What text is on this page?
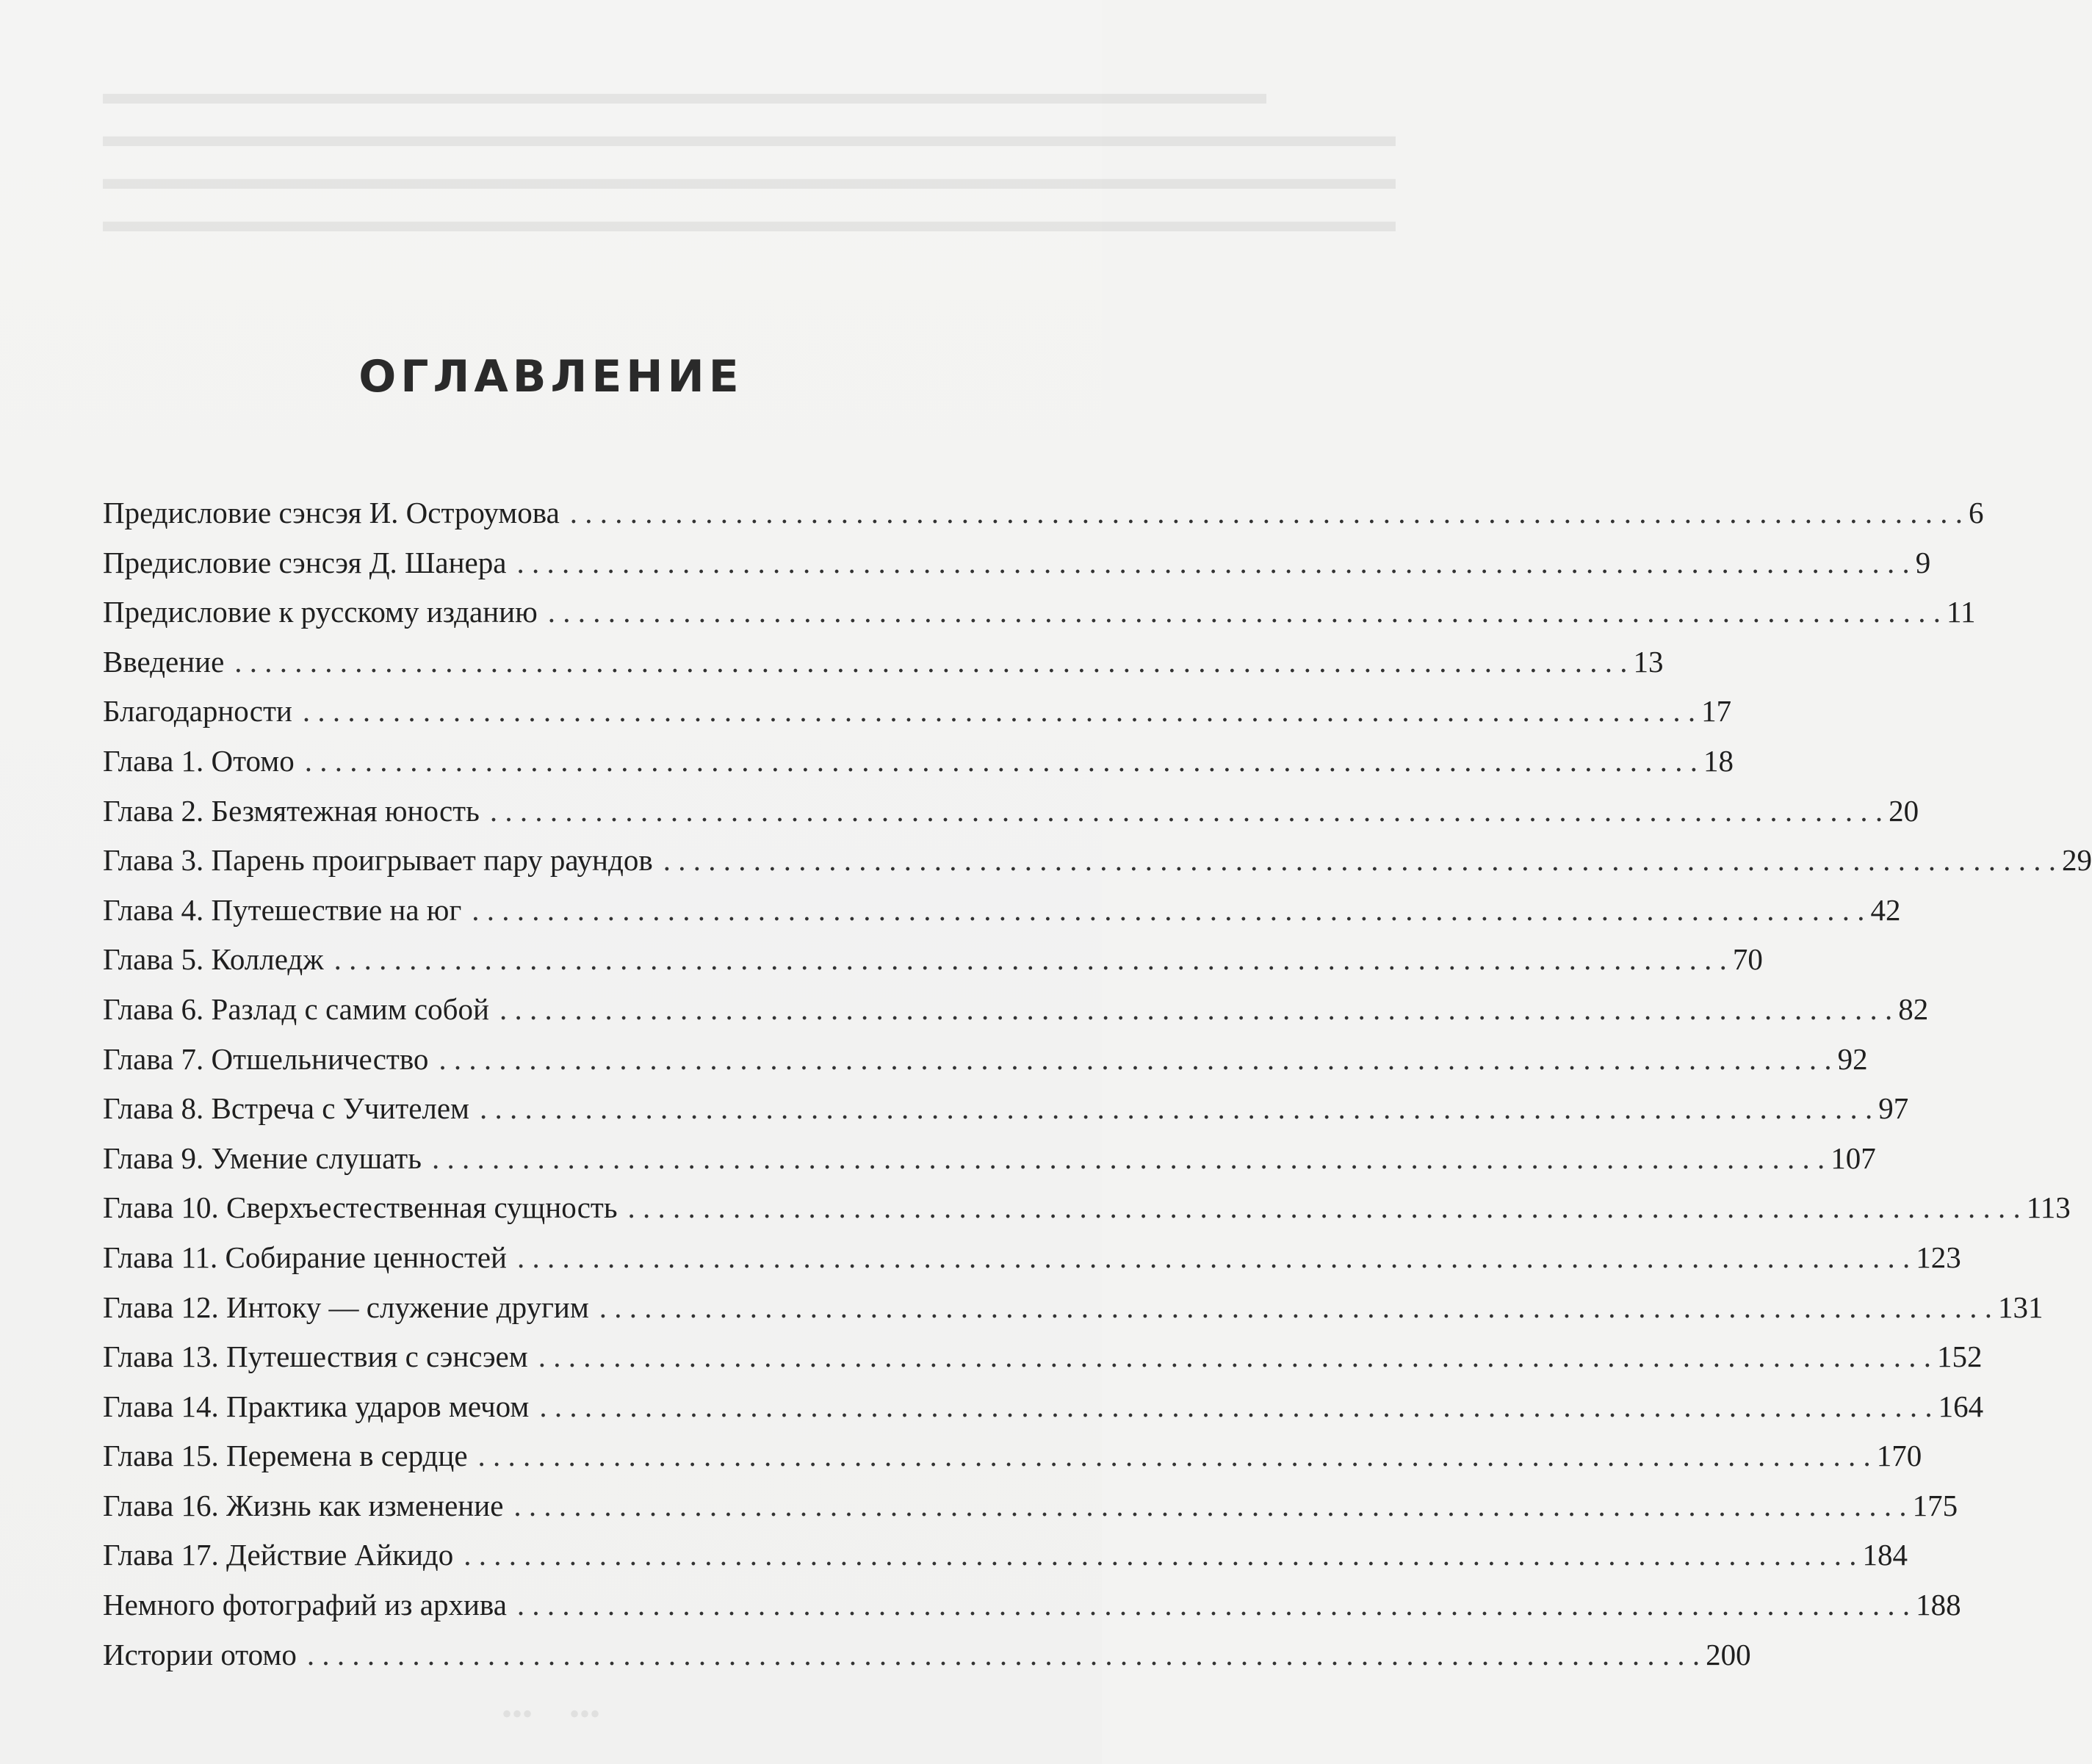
▬▬▬▬▬▬▬▬▬▬▬▬▬▬▬▬▬▬▬▬▬▬▬▬▬▬▬▬▬▬▬▬▬▬▬▬
▬▬▬▬▬▬▬▬▬▬▬▬▬▬▬▬▬▬▬▬▬▬▬▬▬▬▬▬▬▬▬▬▬▬▬▬▬▬▬▬
▬▬▬▬▬▬▬▬▬▬▬▬▬▬▬▬▬▬▬▬▬▬▬▬▬▬▬▬▬▬▬▬▬▬▬▬▬▬▬▬
▬▬▬▬▬▬▬▬▬▬▬▬▬▬▬▬▬▬▬▬▬▬▬▬▬▬▬▬▬▬▬▬▬▬▬▬▬▬▬▬
ОГЛАВЛЕНИЕ
Предисловие сэнсэя И. Остроумова . . .	6
Предисловие сэнсэя Д. Шанера . . .	9
Предисловие к русскому изданию . . .	11
Введение . . .	13
Благодарности . . .	17
Глава 1. Отомо . . .	18
Глава 2. Безмятежная юность . . .	20
Глава 3. Парень проигрывает пару раундов . . .	29
Глава 4. Путешествие на юг . . .	42
Глава 5. Колледж . . .	70
Глава 6. Разлад с самим собой . . .	82
Глава 7. Отшельничество . . .	92
Глава 8. Встреча с Учителем . . .	97
Глава 9. Умение слушать . . .	107
Глава 10. Сверхъестественная сущность . . .	113
Глава 11. Собирание ценностей . . .	123
Глава 12. Интоку — служение другим . . .	131
Глава 13. Путешествия с сэнсэем . . .	152
Глава 14. Практика ударов мечом . . .	164
Глава 15. Перемена в сердце . . .	170
Глава 16. Жизнь как изменение . . .	175
Глава 17. Действие Айкидо . . .	184
Немного фотографий из архива . . .	188
Истории отомо . . .	200
•••     •••
